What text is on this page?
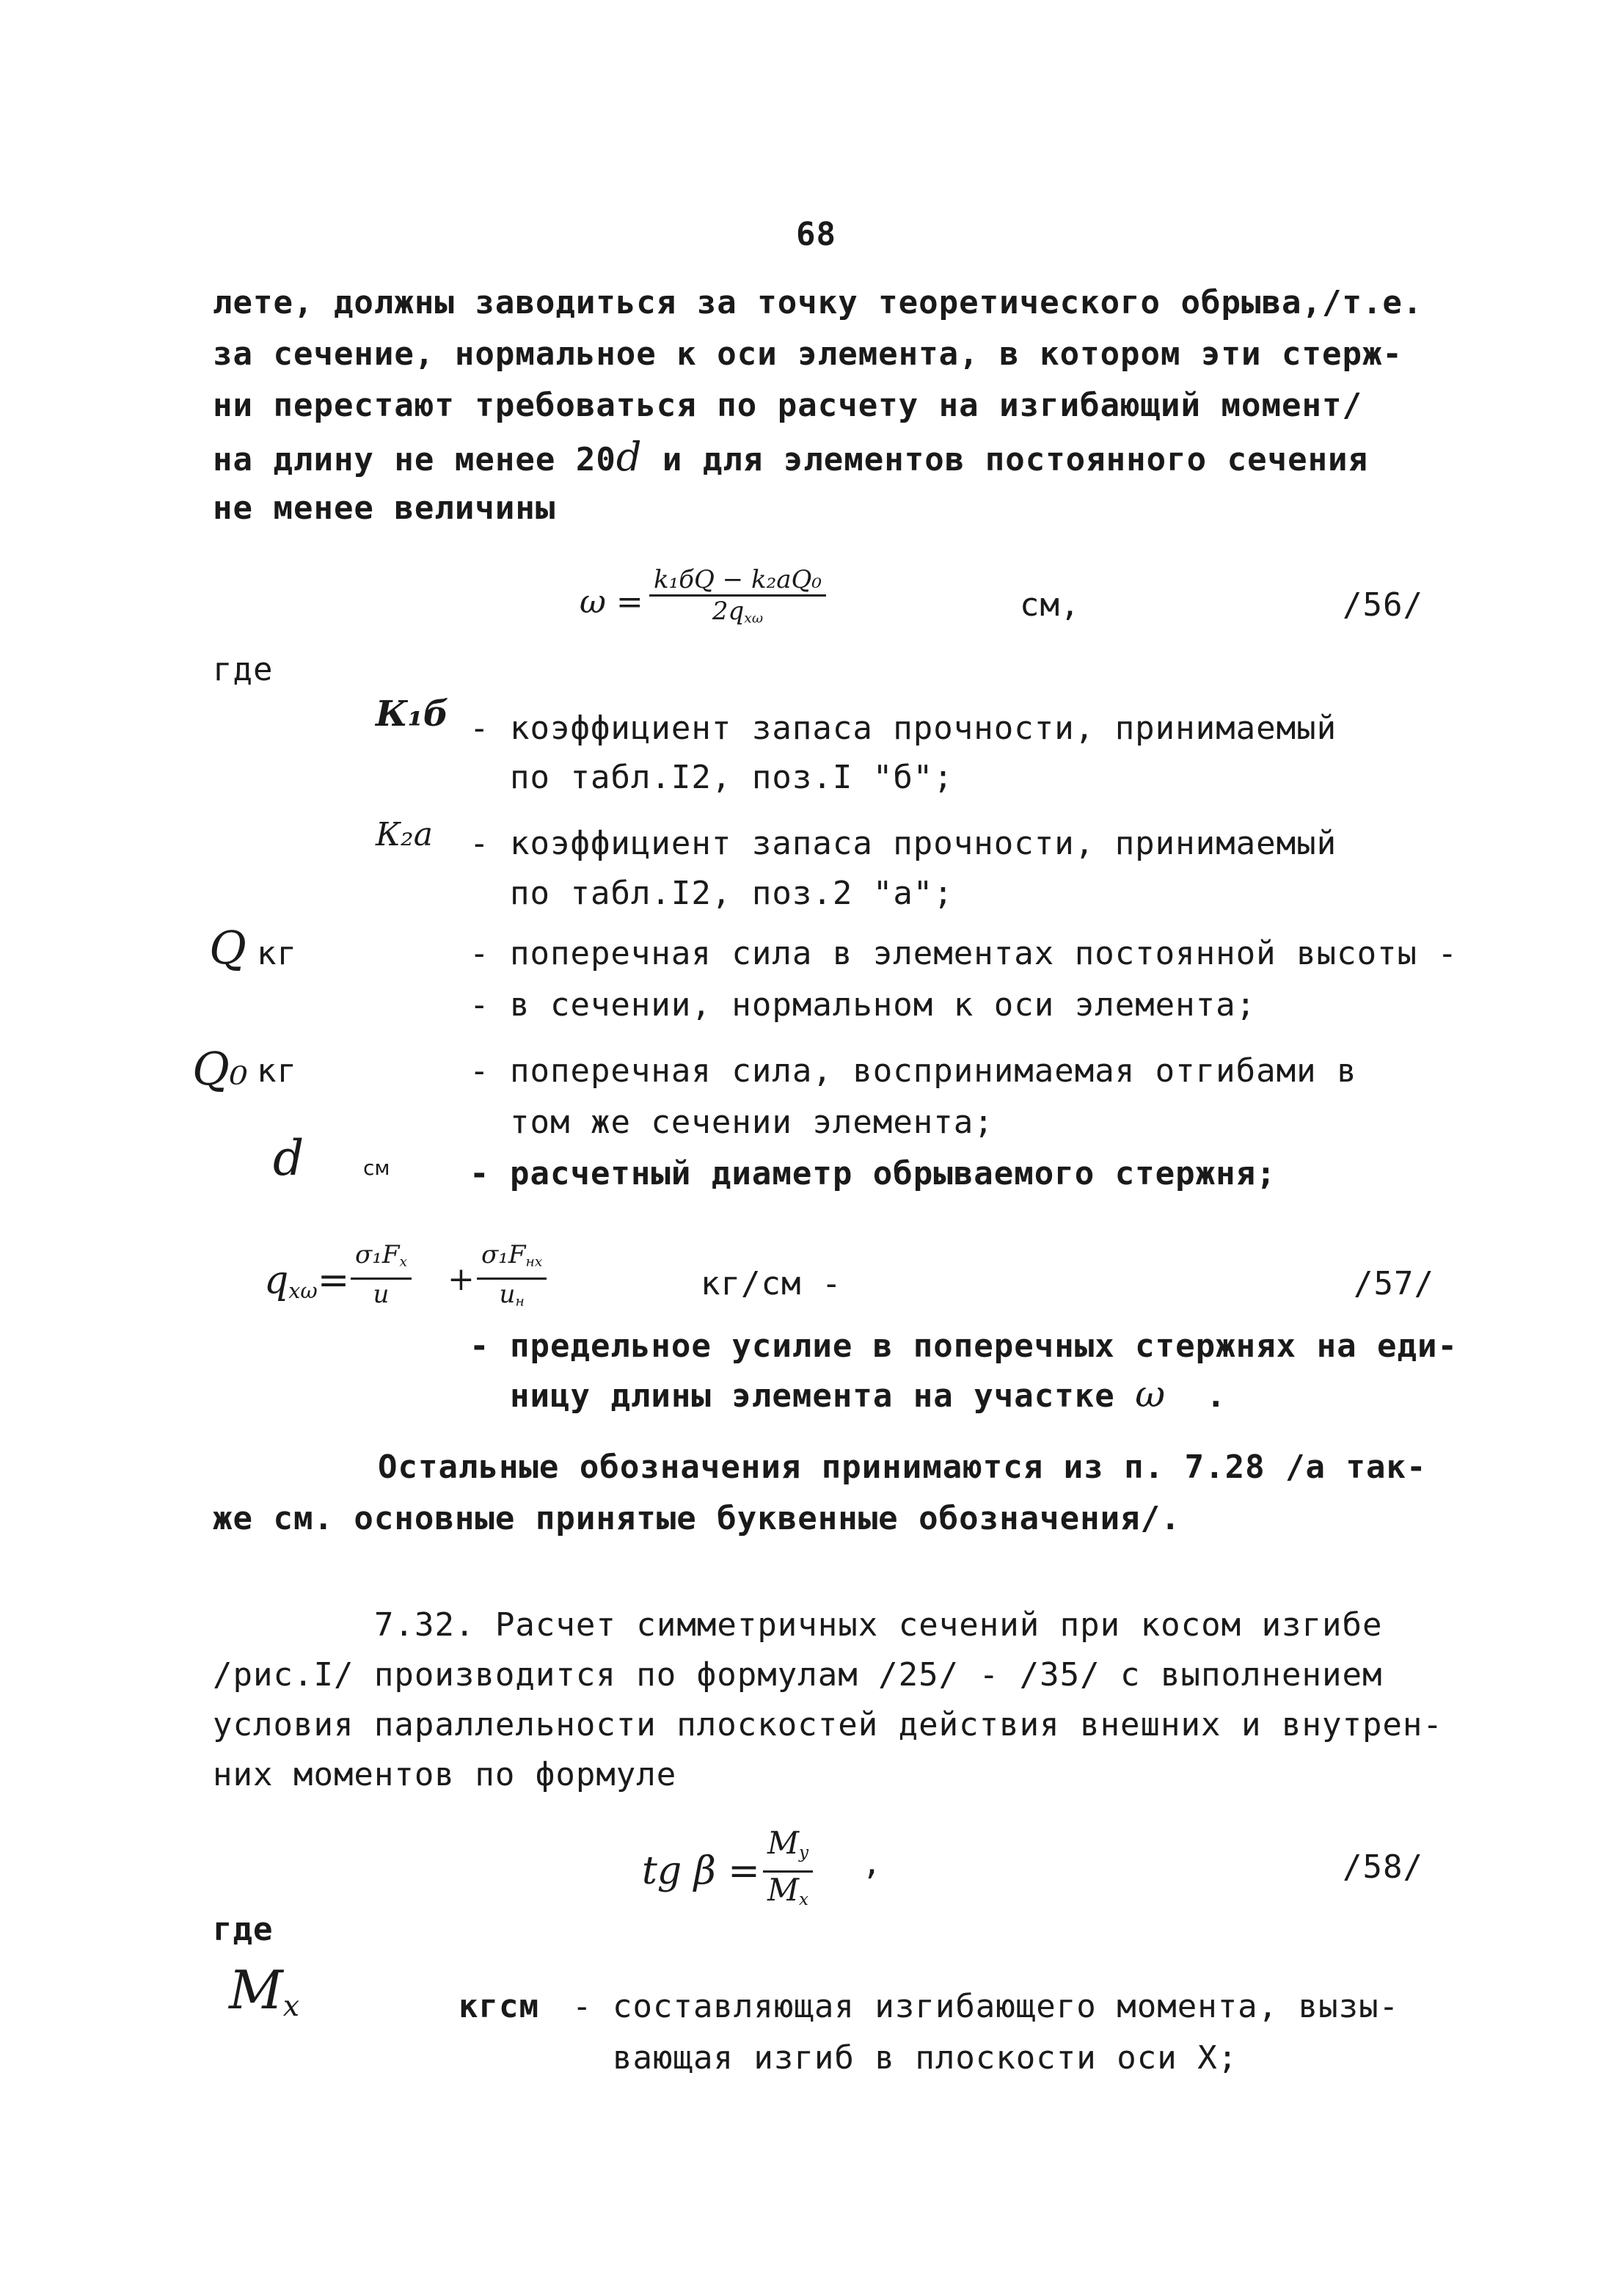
68
лете, должны заводиться за точку теоретического обрыва,/т.е.
за сечение, нормальное к оси элемента, в котором эти стерж-
ни перестают требоваться по расчету на изгибающий момент/
на длину не менее 20d и для элементов постоянного сечения
не менее величины
ω =
k₁бQ − k₂аQ₀
$2q_{x\omega}$	см,	/56/
где
К₁б - коэффициент запаса прочности, принимаемый
по табл.I2, поз.I "б";
К₂а - коэффициент запаса прочности, принимаемый
по табл.I2, поз.2 "а";
Q кг	- поперечная сила в элементах постоянной высоты -
- в сечении, нормальном к оси элемента;
Q₀ кг	- поперечная сила, воспринимаемая отгибами в
том же сечении элемента;
d	см - расчетный диаметр обрываемого стержня;
$q_{x\omega}=$
$\sigma_1F_x$
u +
$\sigma_1F_{нх}$
$u_н$	кг/см -	/57/
- предельное усилие в поперечных стержнях на еди-
ницу длины элемента на участке ω .
Остальные обозначения принимаются из п. 7.28 /а так-
же см. основные принятые буквенные обозначения/.
7.32. Расчет симметричных сечений при косом изгибе
/рис.I/ производится по формулам /25/ - /35/ с выполнением
условия параллельности плоскостей действия внешних и внутрен-
них моментов по формуле
tg β =
$M_y$
$M_x$
,	/58/
где
$M_x$	кгсм - составляющая изгибающего момента, вызы-
вающая изгиб в плоскости оси X;
